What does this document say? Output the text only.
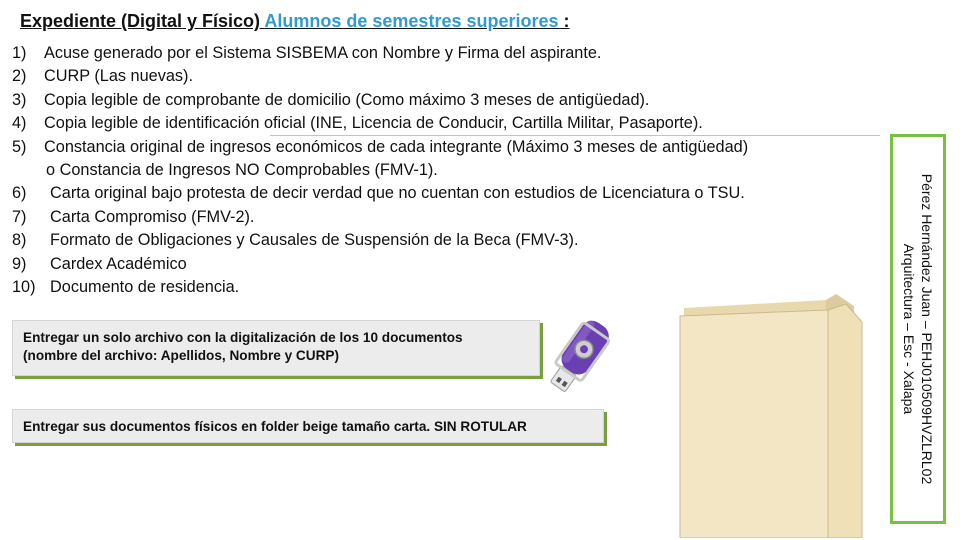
Expediente (Digital y Físico) Alumnos de semestres superiores :
1) Acuse generado por el Sistema SISBEMA con Nombre y Firma del aspirante.
2) CURP (Las nuevas).
3) Copia legible de comprobante de domicilio (Como máximo 3 meses de antigüedad).
4) Copia legible de identificación oficial (INE, Licencia de Conducir, Cartilla Militar, Pasaporte).
5) Constancia original de ingresos económicos de cada integrante (Máximo 3 meses de antigüedad)
o Constancia de Ingresos NO Comprobables (FMV-1).
6) Carta original bajo protesta de decir verdad que no cuentan con estudios de Licenciatura o TSU.
7) Carta Compromiso (FMV-2).
8) Formato de Obligaciones y Causales de Suspensión de la Beca (FMV-3).
9) Cardex Académico
10) Documento de residencia.
Entregar un solo archivo con la digitalización de los 10 documentos
(nombre del archivo: Apellidos, Nombre y CURP)
Entregar sus documentos físicos en folder beige tamaño carta. SIN ROTULAR	Pérez Hernández Juan – PEHJ010509HVZLRL02
Arquitectura – Esc - Xalapa
